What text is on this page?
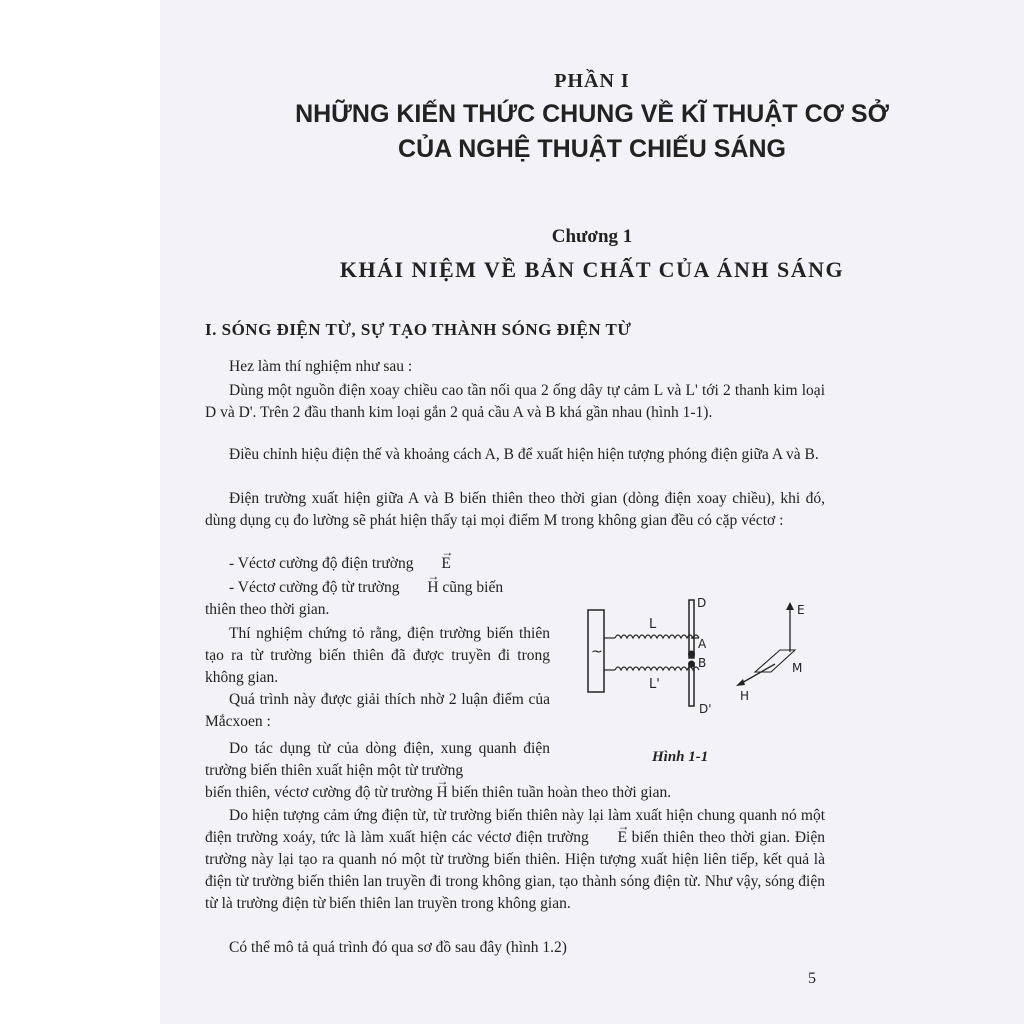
PHẦN I
NHỮNG KIẾN THỨC CHUNG VỀ KĨ THUẬT CƠ SỞ
CỦA NGHỆ THUẬT CHIẾU SÁNG
Chương 1
KHÁI NIỆM VỀ BẢN CHẤT CỦA ÁNH SÁNG
I. SÓNG ĐIỆN TỪ, SỰ TẠO THÀNH SÓNG ĐIỆN TỪ

Hez làm thí nghiệm như sau :

Dùng một nguồn điện xoay chiều cao tần nối qua 2 ống dây tự cảm L và L' tới 2 thanh kim loại D và D'. Trên 2 đầu thanh kim loại gắn 2 quả cầu A và B khá gần nhau (hình 1-1).

Điều chỉnh hiệu điện thế và khoảng cách A, B để xuất hiện hiện tượng phóng điện giữa A và B.

Điện trường xuất hiện giữa A và B biến thiên theo thời gian (dòng điện xoay chiều), khi đó, dùng dụng cụ đo lường sẽ phát hiện thấy tại mọi điểm M trong không gian đều có cặp véctơ :

- Véctơ cường độ điện trường → E

- Véctơ cường độ từ trường → H cũng biến

thiên theo thời gian.

Thí nghiệm chứng tỏ rằng, điện trường biến thiên tạo ra từ trường biến thiên đã được truyền đi trong không gian.

Quá trình này được giải thích nhờ 2 luận điểm của Mắcxoen :

Do tác dụng từ của dòng điện, xung quanh điện trường biến thiên xuất hiện một từ trường

biến thiên, véctơ cường độ từ trường → H biến thiên tuần hoàn theo thời gian.

Do hiện tượng cảm ứng điện từ, từ trường biến thiên này lại làm xuất hiện chung quanh nó một điện trường xoáy, tức là làm xuất hiện các véctơ điện trường → E biến thiên theo thời gian. Điện trường này lại tạo ra quanh nó một từ trường biến thiên. Hiện tượng xuất hiện liên tiếp, kết quả là điện từ trường biến thiên lan truyền đi trong không gian, tạo thành sóng điện từ. Như vậy, sóng điện từ là trường điện từ biến thiên lan truyền trong không gian.

Có thể mô tả quá trình đó qua sơ đồ sau đây (hình 1.2)

~
L
L'
D
A
B
D'
E
H
M
Hình 1-1
5
